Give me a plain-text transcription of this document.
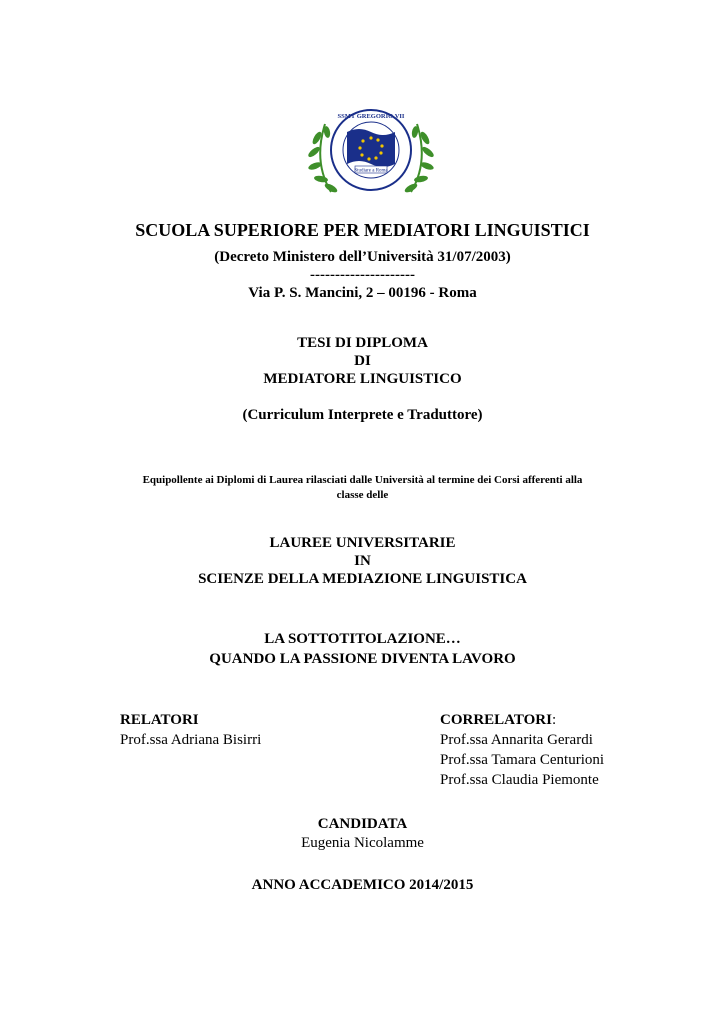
Studiare a Roma
SSMT GREGORIO VII
SCUOLA SUPERIORE PER MEDIATORI LINGUISTICI
(Decreto Ministero dell’Università 31/07/2003)
---------------------
Via P. S. Mancini, 2 – 00196 - Roma
TESI DI DIPLOMA
DI
MEDIATORE LINGUISTICO
(Curriculum Interprete e Traduttore)
Equipollente ai Diplomi di Laurea rilasciati dalle Università al termine dei Corsi afferenti alla
classe delle
LAUREE UNIVERSITARIE
IN
SCIENZE DELLA MEDIAZIONE LINGUISTICA
LA SOTTOTITOLAZIONE…
QUANDO LA PASSIONE DIVENTA LAVORO
RELATORI
Prof.ssa Adriana Bisirri
CORRELATORI:
Prof.ssa Annarita Gerardi
Prof.ssa Tamara Centurioni
Prof.ssa Claudia Piemonte
CANDIDATA
Eugenia Nicolamme
ANNO ACCADEMICO 2014/2015
